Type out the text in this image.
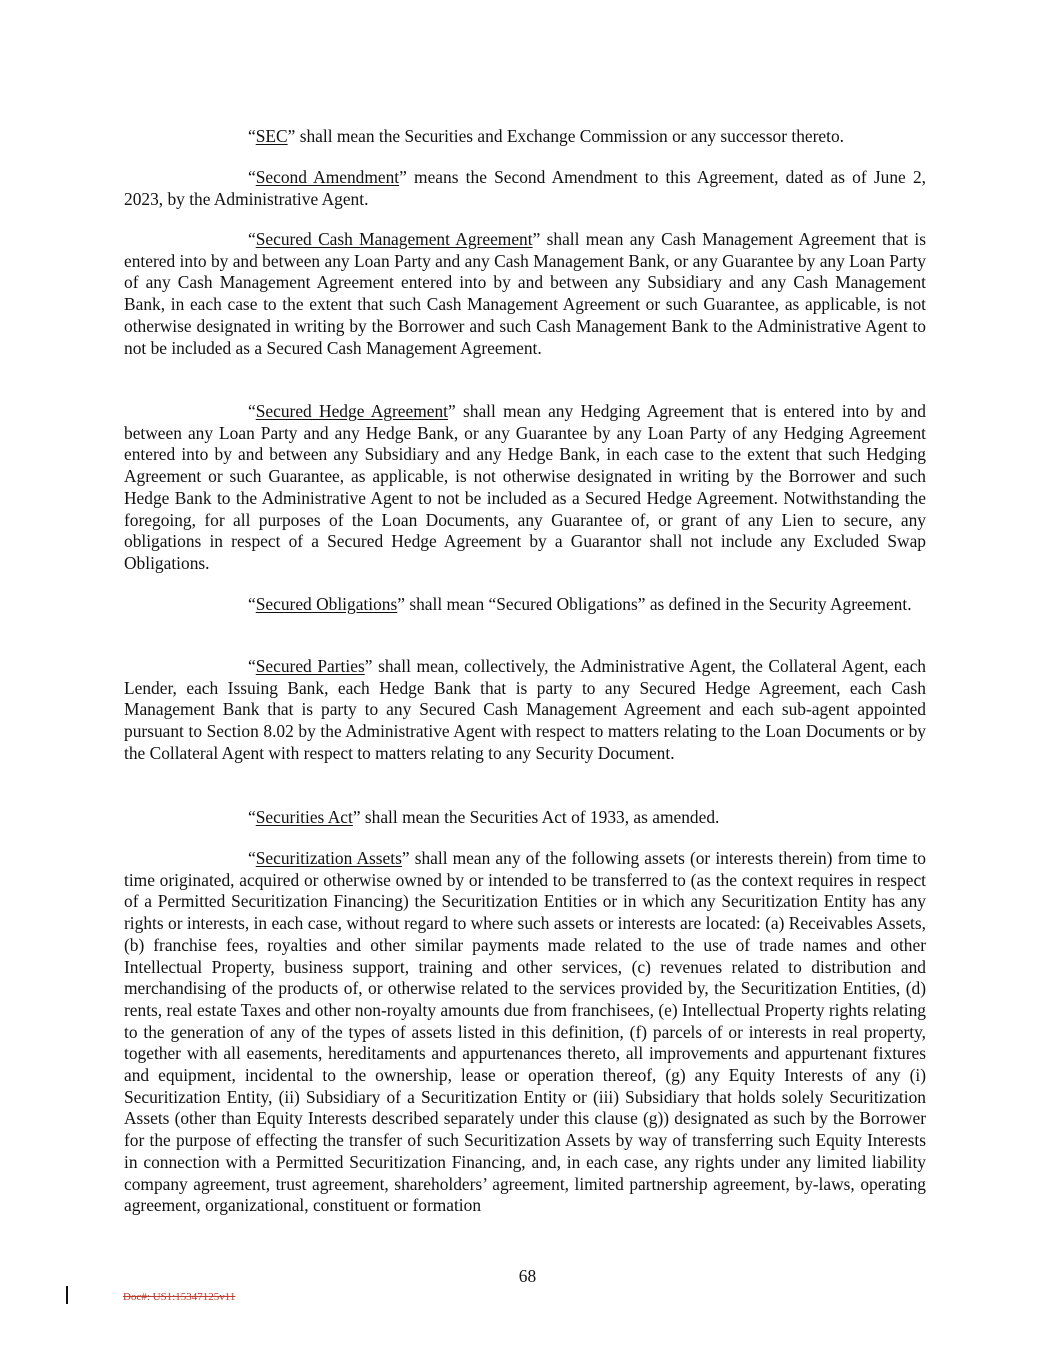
“SEC” shall mean the Securities and Exchange Commission or any successor thereto.

“Second Amendment” means the Second Amendment to this Agreement, dated as of June 2, 2023, by the Administrative Agent.

“Secured Cash Management Agreement” shall mean any Cash Management Agreement that is entered into by and between any Loan Party and any Cash Management Bank, or any Guarantee by any Loan Party of any Cash Management Agreement entered into by and between any Subsidiary and any Cash Management Bank, in each case to the extent that such Cash Management Agreement or such Guarantee, as applicable, is not otherwise designated in writing by the Borrower and such Cash Management Bank to the Administrative Agent to not be included as a Secured Cash Management Agreement.

“Secured Hedge Agreement” shall mean any Hedging Agreement that is entered into by and between any Loan Party and any Hedge Bank, or any Guarantee by any Loan Party of any Hedging Agreement entered into by and between any Subsidiary and any Hedge Bank, in each case to the extent that such Hedging Agreement or such Guarantee, as applicable, is not otherwise designated in writing by the Borrower and such Hedge Bank to the Administrative Agent to not be included as a Secured Hedge Agreement. Notwithstanding the foregoing, for all purposes of the Loan Documents, any Guarantee of, or grant of any Lien to secure, any obligations in respect of a Secured Hedge Agreement by a Guarantor shall not include any Excluded Swap Obligations.

“Secured Obligations” shall mean “Secured Obligations” as defined in the Security Agreement.

“Secured Parties” shall mean, collectively, the Administrative Agent, the Collateral Agent, each Lender, each Issuing Bank, each Hedge Bank that is party to any Secured Hedge Agreement, each Cash Management Bank that is party to any Secured Cash Management Agreement and each sub-agent appointed pursuant to Section 8.02 by the Administrative Agent with respect to matters relating to the Loan Documents or by the Collateral Agent with respect to matters relating to any Security Document.

“Securities Act” shall mean the Securities Act of 1933, as amended.

“Securitization Assets” shall mean any of the following assets (or interests therein) from time to time originated, acquired or otherwise owned by or intended to be transferred to (as the context requires in respect of a Permitted Securitization Financing) the Securitization Entities or in which any Securitization Entity has any rights or interests, in each case, without regard to where such assets or interests are located: (a) Receivables Assets, (b) franchise fees, royalties and other similar payments made related to the use of trade names and other Intellectual Property, business support, training and other services, (c) revenues related to distribution and merchandising of the products of, or otherwise related to the services provided by, the Securitization Entities, (d) rents, real estate Taxes and other non-royalty amounts due from franchisees, (e) Intellectual Property rights relating to the generation of any of the types of assets listed in this definition, (f) parcels of or interests in real property, together with all easements, hereditaments and appurtenances thereto, all improvements and appurtenant fixtures and equipment, incidental to the ownership, lease or operation thereof, (g) any Equity Interests of any (i) Securitization Entity, (ii) Subsidiary of a Securitization Entity or (iii) Subsidiary that holds solely Securitization Assets (other than Equity Interests described separately under this clause (g)) designated as such by the Borrower for the purpose of effecting the transfer of such Securitization Assets by way of transferring such Equity Interests in connection with a Permitted Securitization Financing, and, in each case, any rights under any limited liability company agreement, trust agreement, shareholders’ agreement, limited partnership agreement, by-laws, operating agreement, organizational, constituent or formation

68
Doc#: US1:15347125v11
